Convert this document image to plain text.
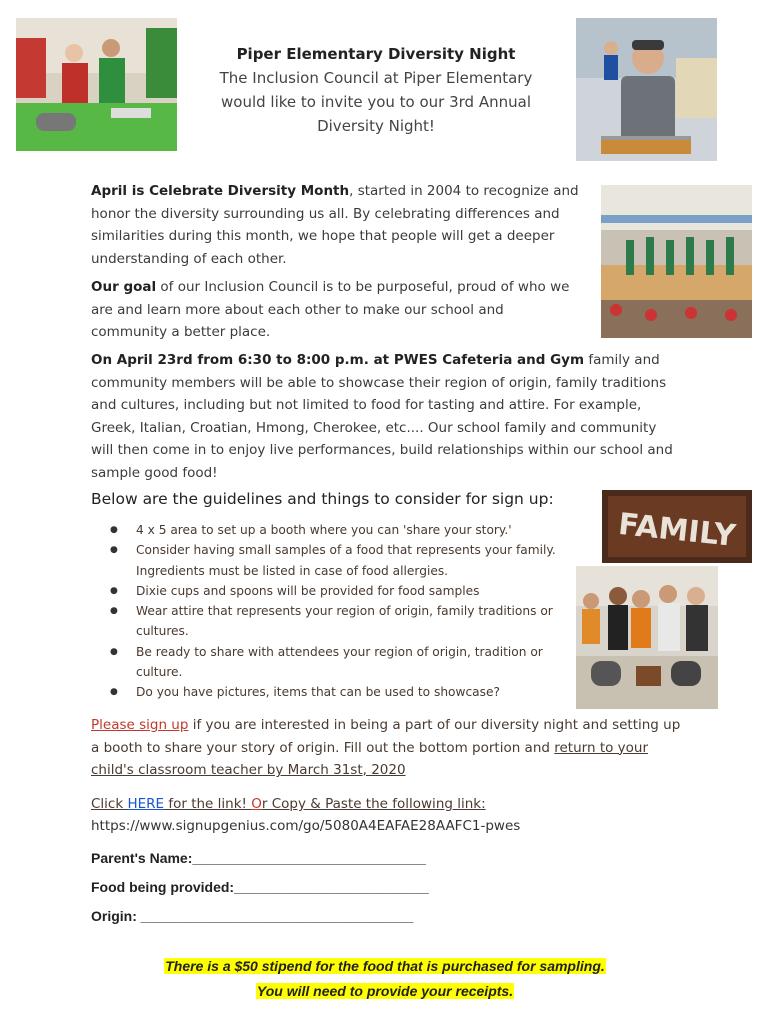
Piper Elementary Diversity Night
The Inclusion Council at Piper Elementary
would like to invite you to our 3rd Annual
Diversity Night!
April is Celebrate Diversity Month, started in 2004 to recognize and honor the diversity surrounding us all. By celebrating differences and similarities during this month, we hope that people will get a deeper understanding of each other.
Our goal of our Inclusion Council is to be purposeful, proud of who we are and learn more about each other to make our school and community a better place.
On April 23rd from 6:30 to 8:00 p.m. at PWES Cafeteria and Gym family and community members will be able to showcase their region of origin, family traditions and cultures, including but not limited to food for tasting and attire. For example, Greek, Italian, Croatian, Hmong, Cherokee, etc.... Our school family and community will then come in to enjoy live performances, build relationships within our school and sample good food!
Below are the guidelines and things to consider for sign up:
● 4 x 5 area to set up a booth where you can 'share your story.'
● Consider having small samples of a food that represents your family. Ingredients must be listed in case of food allergies.
● Dixie cups and spoons will be provided for food samples
● Wear attire that represents your region of origin, family traditions or cultures.
● Be ready to share with attendees your region of origin, tradition or culture.
● Do you have pictures, items that can be used to showcase?
FAMILY
Please sign up if you are interested in being a part of our diversity night and setting up a booth to share your story of origin. Fill out the bottom portion and return to your child's classroom teacher by March 31st, 2020
Click HERE for the link! Or Copy & Paste the following link:
https://www.signupgenius.com/go/5080A4EAFAE28AAFC1-pwes
Parent's Name:______________________________
Food being provided:_________________________
Origin: ___________________________________
There is a $50 stipend for the food that is purchased for sampling.
You will need to provide your receipts.
